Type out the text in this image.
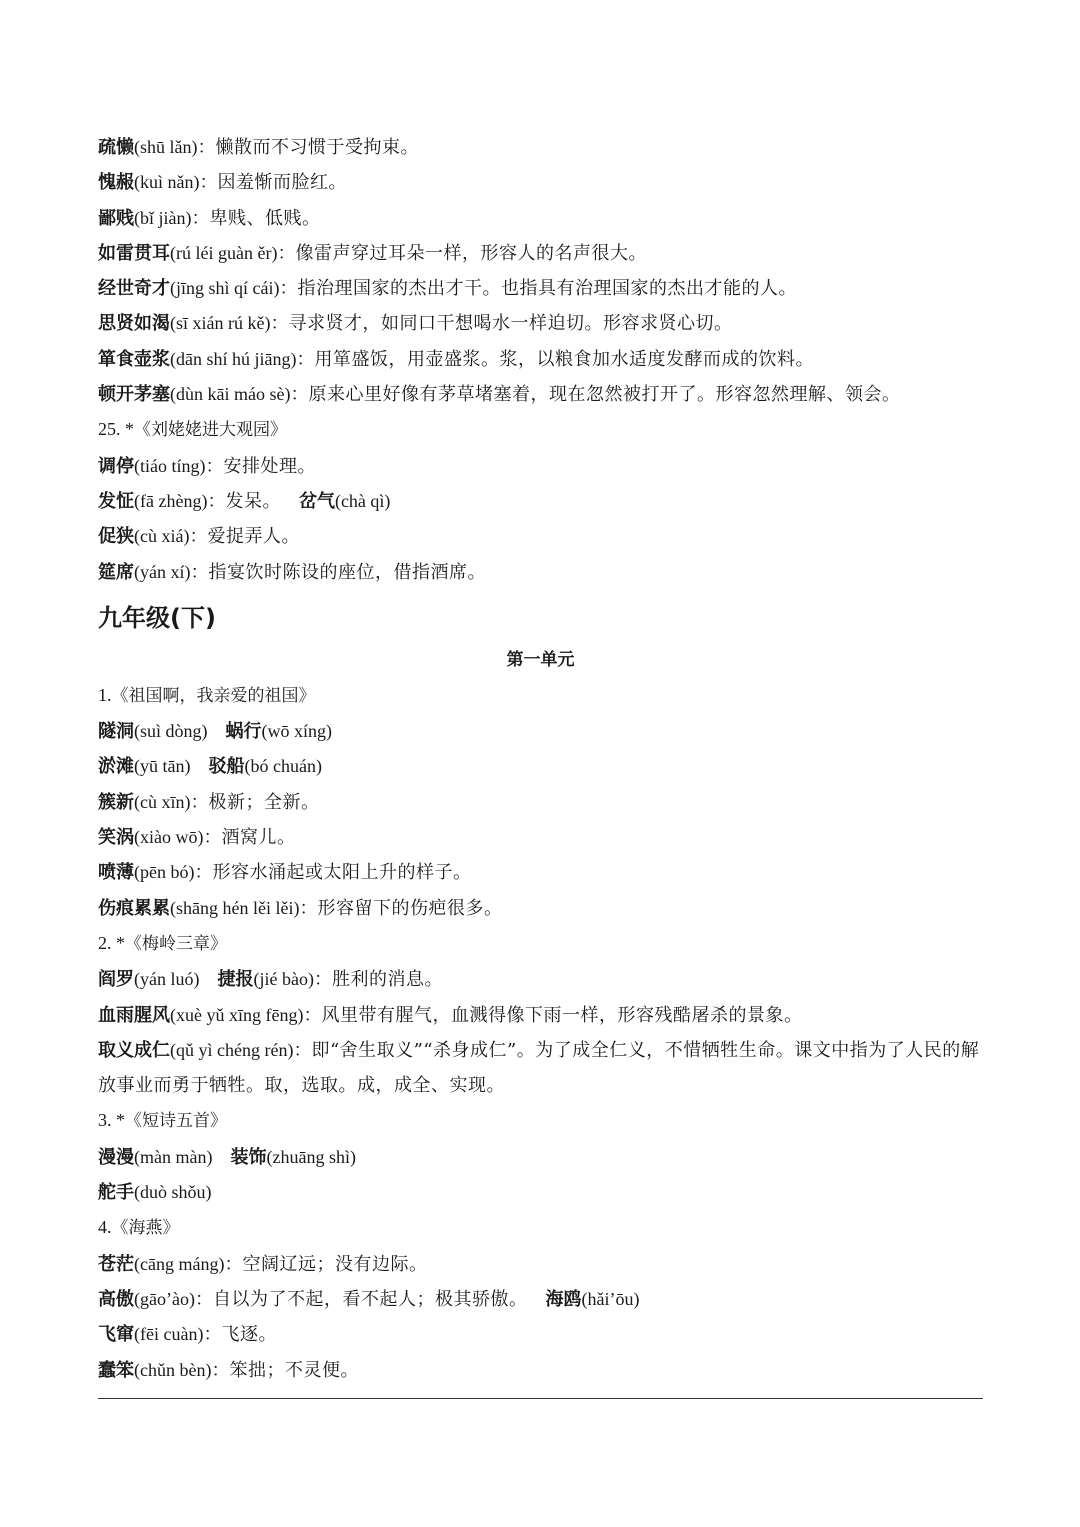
疏懒(shū lǎn)：懒散而不习惯于受拘束。
愧赧(kuì nǎn)：因羞惭而脸红。
鄙贱(bǐ jiàn)：卑贱、低贱。
如雷贯耳(rú léi guàn ěr)：像雷声穿过耳朵一样，形容人的名声很大。
经世奇才(jīng shì qí cái)：指治理国家的杰出才干。也指具有治理国家的杰出才能的人。
思贤如渴(sī xián rú kě)：寻求贤才，如同口干想喝水一样迫切。形容求贤心切。
箪食壶浆(dān shí hú jiāng)：用箪盛饭，用壶盛浆。浆，以粮食加水适度发酵而成的饮料。
顿开茅塞(dùn kāi máo sè)：原来心里好像有茅草堵塞着，现在忽然被打开了。形容忽然理解、领会。
25. *《刘姥姥进大观园》
调停(tiáo tíng)：安排处理。
发怔(fā zhèng)：发呆。 岔气(chà qì)
促狭(cù xiá)：爱捉弄人。
筵席(yán xí)：指宴饮时陈设的座位，借指酒席。
九年级(下)
第一单元
1.《祖国啊，我亲爱的祖国》
隧洞(suì dòng) 蜗行(wō xíng)
淤滩(yū tān) 驳船(bó chuán)
簇新(cù xīn)：极新；全新。
笑涡(xiào wō)：酒窝儿。
喷薄(pēn bó)：形容水涌起或太阳上升的样子。
伤痕累累(shāng hén lěi lěi)：形容留下的伤疤很多。
2. *《梅岭三章》
阎罗(yán luó) 捷报(jié bào)：胜利的消息。
血雨腥风(xuè yǔ xīng fēng)：风里带有腥气，血溅得像下雨一样，形容残酷屠杀的景象。
取义成仁(qǔ yì chéng rén)：即“舍生取义”“杀身成仁”。为了成全仁义，不惜牺牲生命。课文中指为了人民的解放事业而勇于牺牲。取，选取。成，成全、实现。
3. *《短诗五首》
漫漫(màn màn) 装饰(zhuāng shì)
舵手(duò shǒu)
4.《海燕》
苍茫(cāng máng)：空阔辽远；没有边际。
高傲(gāo’ào)：自以为了不起，看不起人；极其骄傲。 海鸥(hǎi’ōu)
飞窜(fēi cuàn)：飞逐。
蠢笨(chǔn bèn)：笨拙；不灵便。
